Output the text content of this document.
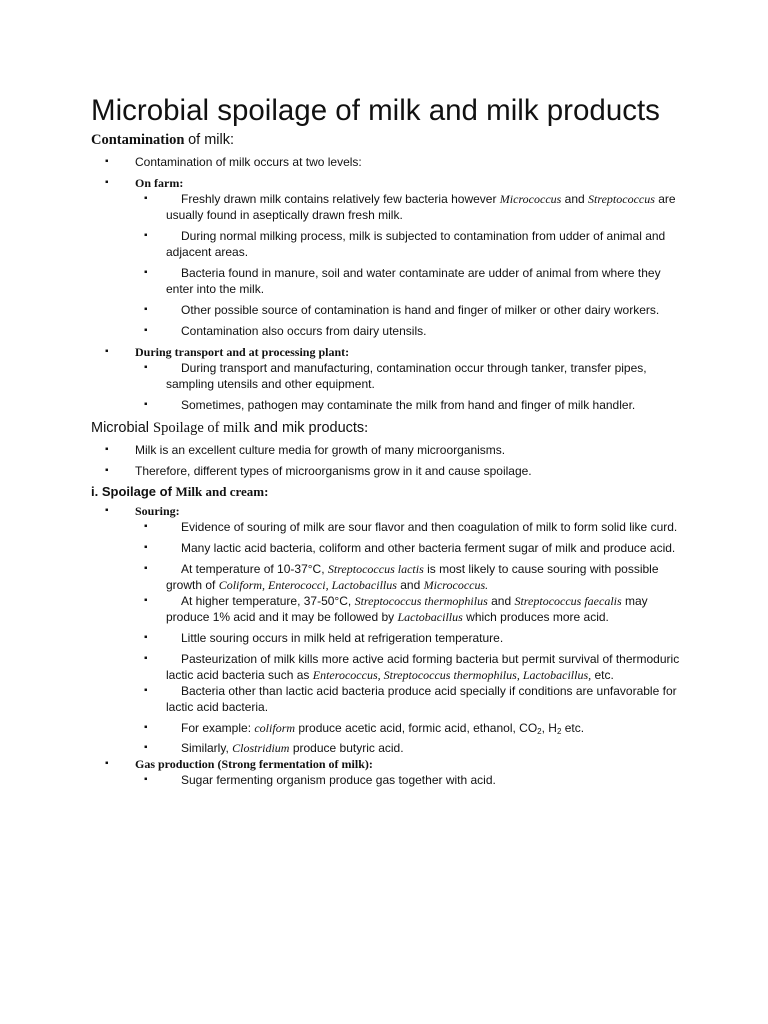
Microbial spoilage of milk and milk products
Contamination of milk:
▪ Contamination of milk occurs at two levels:
▪ On farm:
▪	Freshly drawn milk contains relatively few bacteria however Micrococcus and Streptococcus are usually found in aseptically drawn fresh milk.
▪	During normal milking process, milk is subjected to contamination from udder of animal and adjacent areas.
▪	Bacteria found in manure, soil and water contaminate are udder of animal from where they enter into the milk.
▪	Other possible source of contamination is hand and finger of milker or other dairy workers.
▪	Contamination also occurs from dairy utensils.
▪ During transport and at processing plant:
▪	During transport and manufacturing, contamination occur through tanker, transfer pipes, sampling utensils and other equipment.
▪	Sometimes, pathogen may contaminate the milk from hand and finger of milk handler.
Microbial Spoilage of milk and mik products:
▪ Milk is an excellent culture media for growth of many microorganisms.
▪ Therefore, different types of microorganisms grow in it and cause spoilage.
i. Spoilage of Milk and cream:
▪ Souring:
▪	Evidence of souring of milk are sour flavor and then coagulation of milk to form solid like curd.
▪	Many lactic acid bacteria, coliform and other bacteria ferment sugar of milk and produce acid.
▪	At temperature of 10-37°C, Streptococcus lactis is most likely to cause souring with possible growth of Coliform, Enterococci, Lactobacillus and Micrococcus.
▪	At higher temperature, 37-50°C, Streptococcus thermophilus and Streptococcus faecalis may produce 1% acid and it may be followed by Lactobacillus which produces more acid.
▪	Little souring occurs in milk held at refrigeration temperature.
▪	Pasteurization of milk kills more active acid forming bacteria but permit survival of thermoduric lactic acid bacteria such as Enterococcus, Streptococcus thermophilus, Lactobacillus, etc.
▪	Bacteria other than lactic acid bacteria produce acid specially if conditions are unfavorable for lactic acid bacteria.
▪	For example: coliform produce acetic acid, formic acid, ethanol, $CO_2$, $H_2$ etc.
▪	Similarly, Clostridium produce butyric acid.
▪ Gas production (Strong fermentation of milk):
▪	Sugar fermenting organism produce gas together with acid.
